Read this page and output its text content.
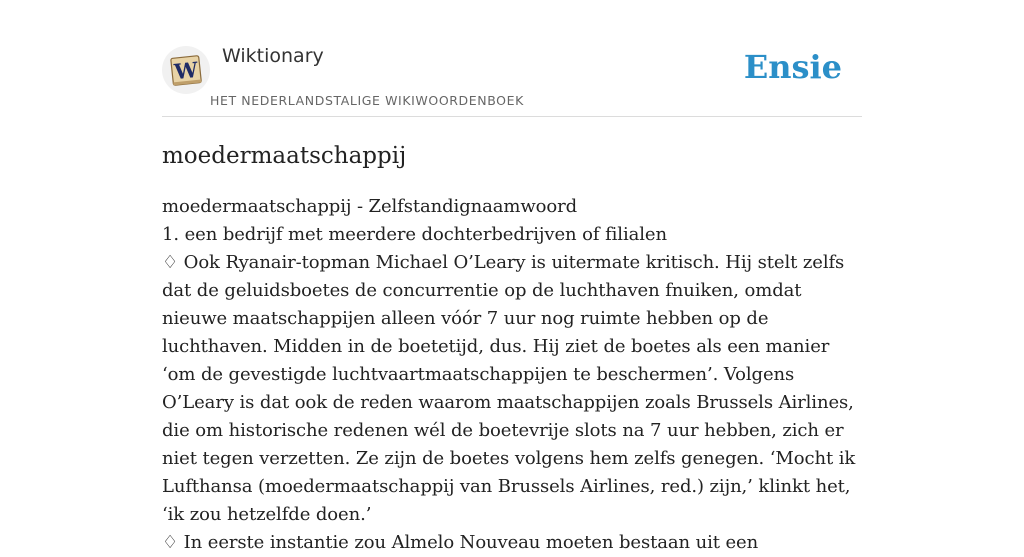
W
Wiktionary
HET NEDERLANDSTALIGE WIKIWOORDENBOEK
Ensie
moedermaatschappij

moedermaatschappij - Zelfstandignaamwoord

1. een bedrijf met meerdere dochterbedrijven of filialen

♢ Ook Ryanair-topman Michael O’Leary is uitermate kritisch. Hij stelt zelfs dat de geluidsboetes de concurrentie op de luchthaven fnuiken, omdat nieuwe maatschappijen alleen vóór 7 uur nog ruimte hebben op de luchthaven. Midden in de boetetijd, dus. Hij ziet de boetes als een manier ‘om de gevestigde luchtvaartmaatschappijen te beschermen’. Volgens O’Leary is dat ook de reden waarom maatschappijen zoals Brussels Airlines, die om historische redenen wél de boetevrije slots na 7 uur hebben, zich er niet tegen verzetten. Ze zijn de boetes volgens hem zelfs genegen. ‘Mocht ik Lufthansa (moedermaatschappij van Brussels Airlines, red.) zijn,’ klinkt het, ‘ik zou hetzelfde doen.’

♢ In eerste instantie zou Almelo Nouveau moeten bestaan uit een
